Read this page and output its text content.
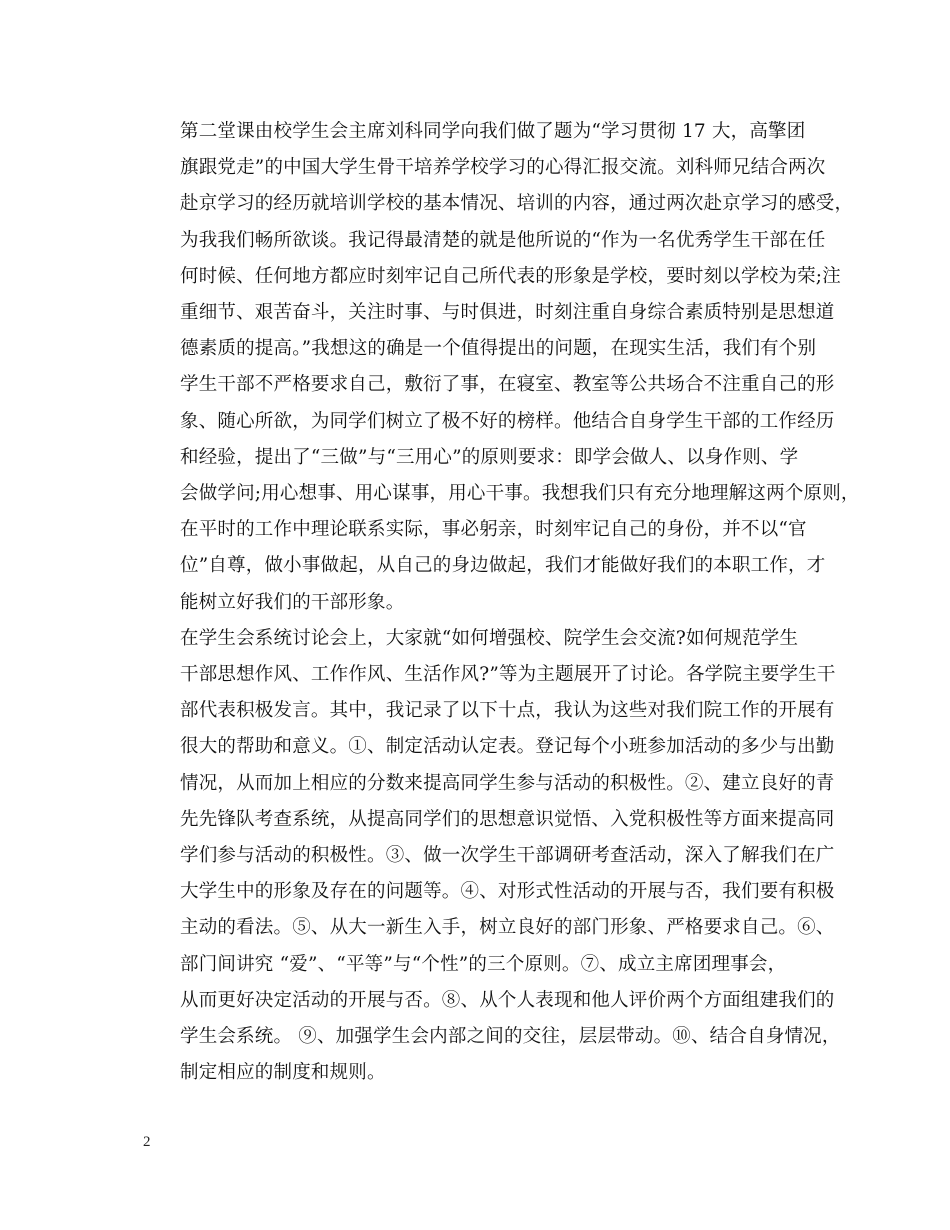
第二堂课由校学生会主席刘科同学向我们做了题为“学习贯彻 17 大，高擎团
旗跟党走”的中国大学生骨干培养学校学习的心得汇报交流。刘科师兄结合两次
赴京学习的经历就培训学校的基本情况、培训的内容，通过两次赴京学习的感受，
为我我们畅所欲谈。我记得最清楚的就是他所说的“作为一名优秀学生干部在任
何时候、任何地方都应时刻牢记自己所代表的形象是学校，要时刻以学校为荣;注
重细节、艰苦奋斗，关注时事、与时俱进，时刻注重自身综合素质特别是思想道
德素质的提高。”我想这的确是一个值得提出的问题，在现实生活，我们有个别
学生干部不严格要求自己，敷衍了事，在寝室、教室等公共场合不注重自己的形
象、随心所欲，为同学们树立了极不好的榜样。他结合自身学生干部的工作经历
和经验，提出了“三做”与“三用心”的原则要求：即学会做人、以身作则、学
会做学问;用心想事、用心谋事，用心干事。我想我们只有充分地理解这两个原则，
在平时的工作中理论联系实际，事必躬亲，时刻牢记自己的身份，并不以“官
位”自尊，做小事做起，从自己的身边做起，我们才能做好我们的本职工作，才
能树立好我们的干部形象。

在学生会系统讨论会上，大家就“如何增强校、院学生会交流?如何规范学生
干部思想作风、工作作风、生活作风?”等为主题展开了讨论。各学院主要学生干
部代表积极发言。其中，我记录了以下十点，我认为这些对我们院工作的开展有
很大的帮助和意义。①、制定活动认定表。登记每个小班参加活动的多少与出勤
情况，从而加上相应的分数来提高同学生参与活动的积极性。②、建立良好的青
先先锋队考查系统，从提高同学们的思想意识觉悟、入党积极性等方面来提高同
学们参与活动的积极性。③、做一次学生干部调研考查活动，深入了解我们在广
大学生中的形象及存在的问题等。④、对形式性活动的开展与否，我们要有积极
主动的看法。⑤、从大一新生入手，树立良好的部门形象、严格要求自己。⑥、
部门间讲究 “爱”、“平等”与“个性”的三个原则。⑦、成立主席团理事会，
从而更好决定活动的开展与否。⑧、从个人表现和他人评价两个方面组建我们的
学生会系统。 ⑨、加强学生会内部之间的交往，层层带动。⑩、结合自身情况，
制定相应的制度和规则。

2
